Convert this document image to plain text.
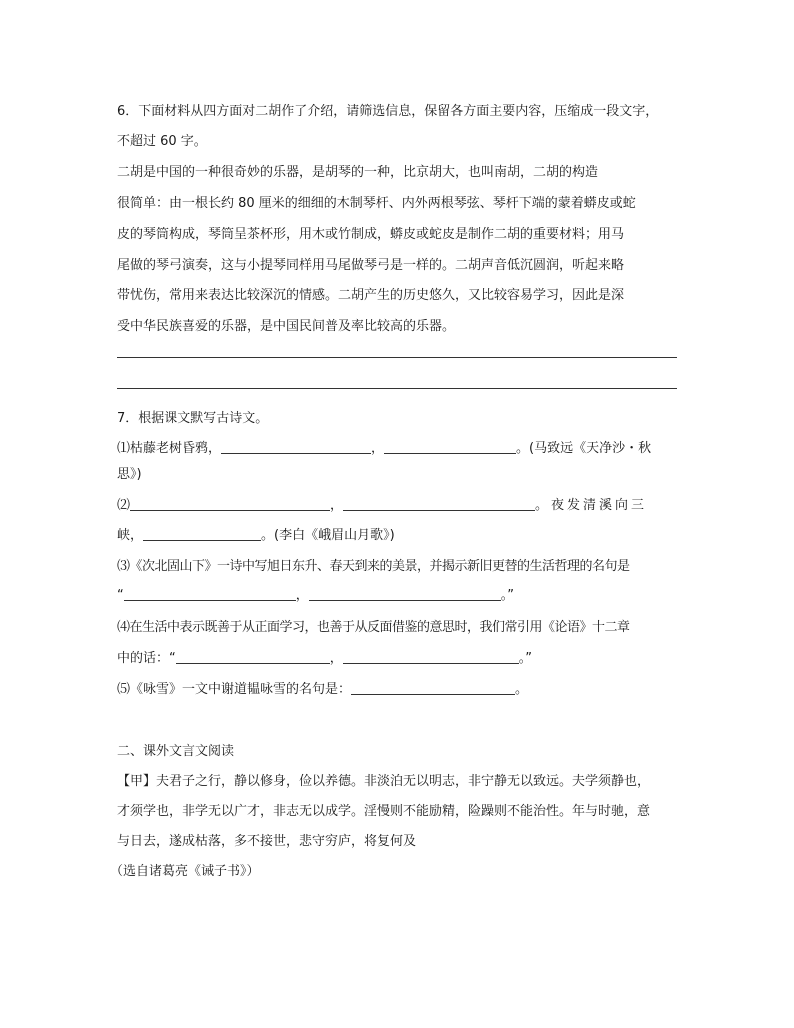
6．下面材料从四方面对二胡作了介绍，请筛选信息，保留各方面主要内容，压缩成一段文字，
不超过 60 字。
二胡是中国的一种很奇妙的乐器，是胡琴的一种，比京胡大，也叫南胡，二胡的构造
很简单：由一根长约 80 厘米的细细的木制琴杆、内外两根琴弦、琴杆下端的蒙着蟒皮或蛇
皮的琴筒构成，琴筒呈茶杯形，用木或竹制成，蟒皮或蛇皮是制作二胡的重要材料；用马
尾做的琴弓演奏，这与小提琴同样用马尾做琴弓是一样的。二胡声音低沉圆润，听起来略
带忧伤，常用来表达比较深沉的情感。二胡产生的历史悠久，又比较容易学习，因此是深
受中华民族喜爱的乐器，是中国民间普及率比较高的乐器。
7．根据课文默写古诗文。
⑴枯藤老树昏鸦，	，	。(马致远《天净沙・秋
思》)
⑵	，	。夜发清溪向三
峡，	。(李白《峨眉山月歌》)
⑶《次北固山下》一诗中写旭日东升、春天到来的美景，并揭示新旧更替的生活哲理的名句是
“	，	。”
⑷在生活中表示既善于从正面学习，也善于从反面借鉴的意思时，我们常引用《论语》十二章
中的话：“	，	。”
⑸《咏雪》一文中谢道韫咏雪的名句是：	。
二、课外文言文阅读
【甲】夫君子之行，静以修身，俭以养德。非淡泊无以明志，非宁静无以致远。夫学须静也，
才须学也，非学无以广才，非志无以成学。淫慢则不能励精，险躁则不能治性。年与时驰，意
与日去，遂成枯落，多不接世，悲守穷庐，将复何及
（选自诸葛亮《诫子书》）
